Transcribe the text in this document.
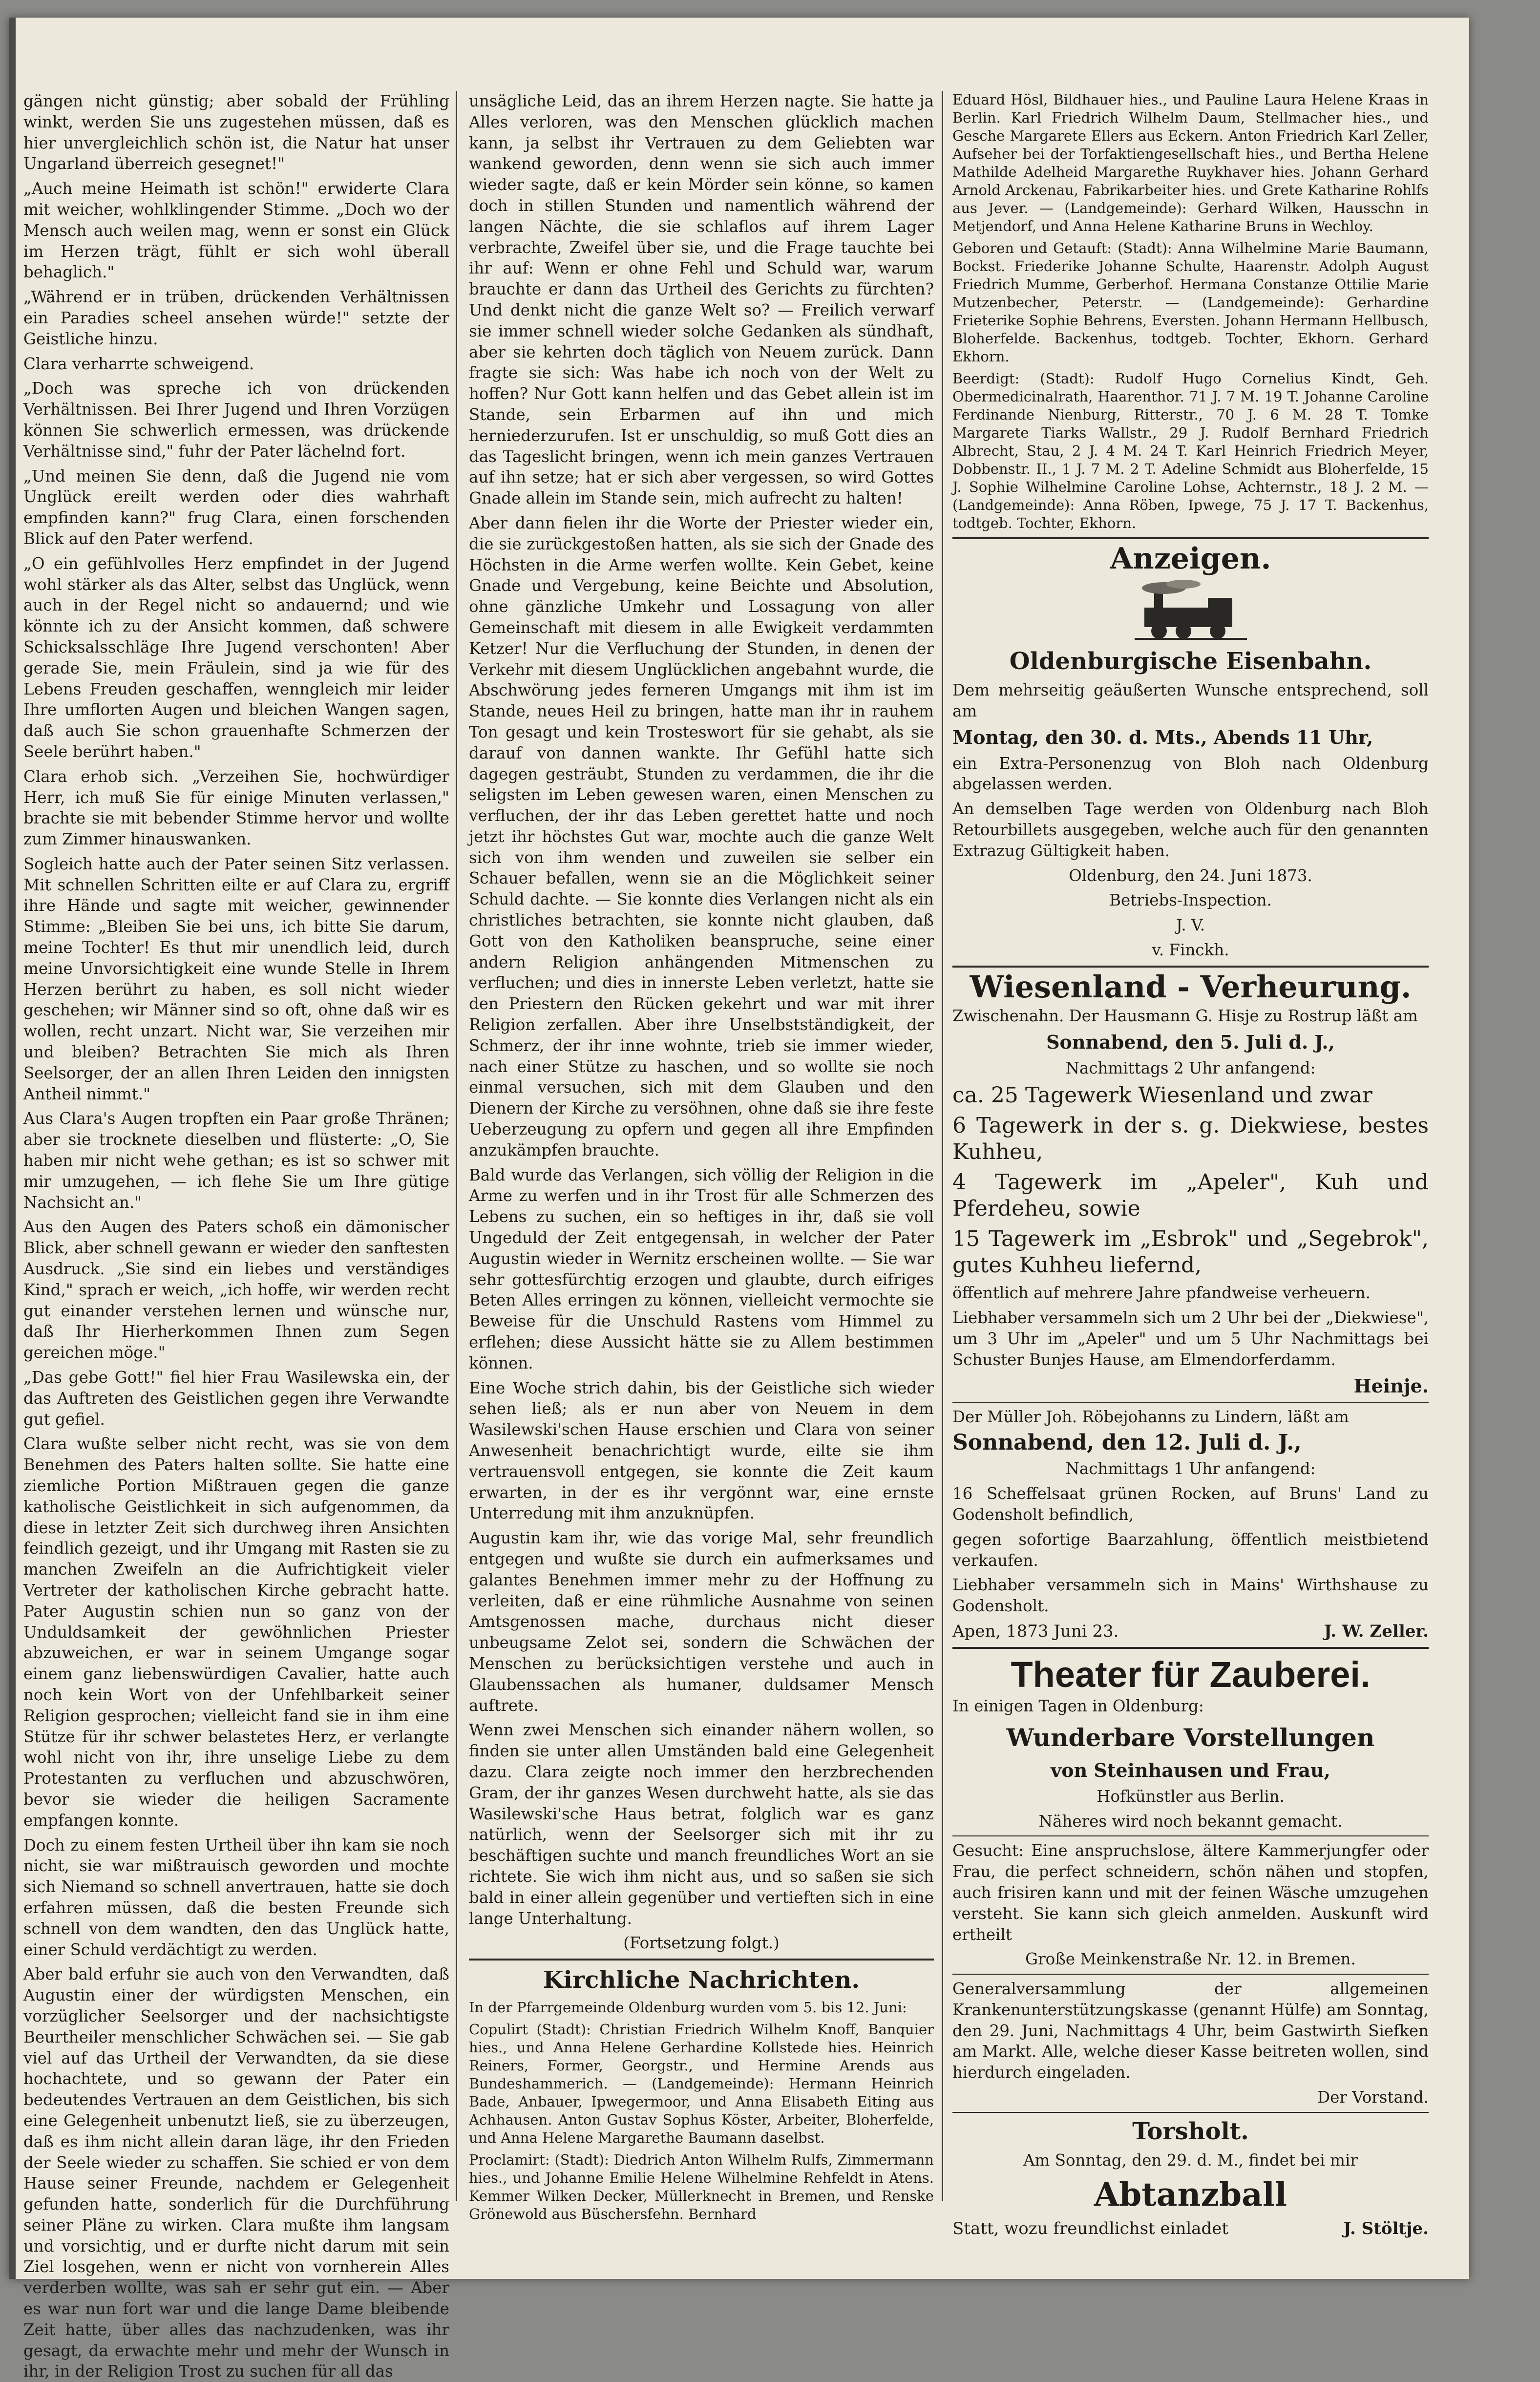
gängen nicht günstig; aber sobald der Frühling winkt, werden Sie uns zugestehen müssen, daß es hier unvergleichlich schön ist, die Natur hat unser Ungarland überreich gesegnet!"

„Auch meine Heimath ist schön!" erwiderte Clara mit weicher, wohlklingender Stimme. „Doch wo der Mensch auch weilen mag, wenn er sonst ein Glück im Herzen trägt, fühlt er sich wohl überall behaglich."

„Während er in trüben, drückenden Verhältnissen ein Paradies scheel ansehen würde!" setzte der Geistliche hinzu.

Clara verharrte schweigend.

„Doch was spreche ich von drückenden Verhältnissen. Bei Ihrer Jugend und Ihren Vorzügen können Sie schwerlich ermessen, was drückende Verhältnisse sind," fuhr der Pater lächelnd fort.

„Und meinen Sie denn, daß die Jugend nie vom Unglück ereilt werden oder dies wahrhaft empfinden kann?" frug Clara, einen forschenden Blick auf den Pater werfend.

„O ein gefühlvolles Herz empfindet in der Jugend wohl stärker als das Alter, selbst das Unglück, wenn auch in der Regel nicht so andauernd; und wie könnte ich zu der Ansicht kommen, daß schwere Schicksalsschläge Ihre Jugend verschonten! Aber gerade Sie, mein Fräulein, sind ja wie für des Lebens Freuden geschaffen, wenngleich mir leider Ihre umflorten Augen und bleichen Wangen sagen, daß auch Sie schon grauenhafte Schmerzen der Seele berührt haben."

Clara erhob sich. „Verzeihen Sie, hochwürdiger Herr, ich muß Sie für einige Minuten verlassen," brachte sie mit bebender Stimme hervor und wollte zum Zimmer hinauswanken.

Sogleich hatte auch der Pater seinen Sitz verlassen. Mit schnellen Schritten eilte er auf Clara zu, ergriff ihre Hände und sagte mit weicher, gewinnender Stimme: „Bleiben Sie bei uns, ich bitte Sie darum, meine Tochter! Es thut mir unendlich leid, durch meine Unvorsichtigkeit eine wunde Stelle in Ihrem Herzen berührt zu haben, es soll nicht wieder geschehen; wir Männer sind so oft, ohne daß wir es wollen, recht unzart. Nicht war, Sie verzeihen mir und bleiben? Betrachten Sie mich als Ihren Seelsorger, der an allen Ihren Leiden den innigsten Antheil nimmt."

Aus Clara's Augen tropften ein Paar große Thränen; aber sie trocknete dieselben und flüsterte: „O, Sie haben mir nicht wehe gethan; es ist so schwer mit mir umzugehen, — ich flehe Sie um Ihre gütige Nachsicht an."

Aus den Augen des Paters schoß ein dämonischer Blick, aber schnell gewann er wieder den sanftesten Ausdruck. „Sie sind ein liebes und verständiges Kind," sprach er weich, „ich hoffe, wir werden recht gut einander verstehen lernen und wünsche nur, daß Ihr Hierherkommen Ihnen zum Segen gereichen möge."

„Das gebe Gott!" fiel hier Frau Wasilewska ein, der das Auftreten des Geistlichen gegen ihre Verwandte gut gefiel.

Clara wußte selber nicht recht, was sie von dem Benehmen des Paters halten sollte. Sie hatte eine ziemliche Portion Mißtrauen gegen die ganze katholische Geistlichkeit in sich aufgenommen, da diese in letzter Zeit sich durchweg ihren Ansichten feindlich gezeigt, und ihr Umgang mit Rasten sie zu manchen Zweifeln an die Aufrichtigkeit vieler Vertreter der katholischen Kirche gebracht hatte. Pater Augustin schien nun so ganz von der Unduldsamkeit der gewöhnlichen Priester abzuweichen, er war in seinem Umgange sogar einem ganz liebenswürdigen Cavalier, hatte auch noch kein Wort von der Unfehlbarkeit seiner Religion gesprochen; vielleicht fand sie in ihm eine Stütze für ihr schwer belastetes Herz, er verlangte wohl nicht von ihr, ihre unselige Liebe zu dem Protestanten zu verfluchen und abzuschwören, bevor sie wieder die heiligen Sacramente empfangen konnte.

Doch zu einem festen Urtheil über ihn kam sie noch nicht, sie war mißtrauisch geworden und mochte sich Niemand so schnell anvertrauen, hatte sie doch erfahren müssen, daß die besten Freunde sich schnell von dem wandten, den das Unglück hatte, einer Schuld verdächtigt zu werden.

Aber bald erfuhr sie auch von den Verwandten, daß Augustin einer der würdigsten Menschen, ein vorzüglicher Seelsorger und der nachsichtigste Beurtheiler menschlicher Schwächen sei. — Sie gab viel auf das Urtheil der Verwandten, da sie diese hochachtete, und so gewann der Pater ein bedeutendes Vertrauen an dem Geistlichen, bis sich eine Gelegenheit unbenutzt ließ, sie zu überzeugen, daß es ihm nicht allein daran läge, ihr den Frieden der Seele wieder zu schaffen. Sie schied er von dem Hause seiner Freunde, nachdem er Gelegenheit gefunden hatte, sonderlich für die Durchführung seiner Pläne zu wirken. Clara mußte ihm langsam und vorsichtig, und er durfte nicht darum mit sein Ziel losgehen, wenn er nicht von vornherein Alles verderben wollte, was sah er sehr gut ein. — Aber es war nun fort war und die lange Dame bleibende Zeit hatte, über alles das nachzudenken, was ihr gesagt, da erwachte mehr und mehr der Wunsch in ihr, in der Religion Trost zu suchen für all das

unsägliche Leid, das an ihrem Herzen nagte. Sie hatte ja Alles verloren, was den Menschen glücklich machen kann, ja selbst ihr Vertrauen zu dem Geliebten war wankend geworden, denn wenn sie sich auch immer wieder sagte, daß er kein Mörder sein könne, so kamen doch in stillen Stunden und namentlich während der langen Nächte, die sie schlaflos auf ihrem Lager verbrachte, Zweifel über sie, und die Frage tauchte bei ihr auf: Wenn er ohne Fehl und Schuld war, warum brauchte er dann das Urtheil des Gerichts zu fürchten? Und denkt nicht die ganze Welt so? — Freilich verwarf sie immer schnell wieder solche Gedanken als sündhaft, aber sie kehrten doch täglich von Neuem zurück. Dann fragte sie sich: Was habe ich noch von der Welt zu hoffen? Nur Gott kann helfen und das Gebet allein ist im Stande, sein Erbarmen auf ihn und mich herniederzurufen. Ist er unschuldig, so muß Gott dies an das Tageslicht bringen, wenn ich mein ganzes Vertrauen auf ihn setze; hat er sich aber vergessen, so wird Gottes Gnade allein im Stande sein, mich aufrecht zu halten!

Aber dann fielen ihr die Worte der Priester wieder ein, die sie zurückgestoßen hatten, als sie sich der Gnade des Höchsten in die Arme werfen wollte. Kein Gebet, keine Gnade und Vergebung, keine Beichte und Absolution, ohne gänzliche Umkehr und Lossagung von aller Gemeinschaft mit diesem in alle Ewigkeit verdammten Ketzer! Nur die Verfluchung der Stunden, in denen der Verkehr mit diesem Unglücklichen angebahnt wurde, die Abschwörung jedes ferneren Umgangs mit ihm ist im Stande, neues Heil zu bringen, hatte man ihr in rauhem Ton gesagt und kein Trosteswort für sie gehabt, als sie darauf von dannen wankte. Ihr Gefühl hatte sich dagegen gesträubt, Stunden zu verdammen, die ihr die seligsten im Leben gewesen waren, einen Menschen zu verfluchen, der ihr das Leben gerettet hatte und noch jetzt ihr höchstes Gut war, mochte auch die ganze Welt sich von ihm wenden und zuweilen sie selber ein Schauer befallen, wenn sie an die Möglichkeit seiner Schuld dachte. — Sie konnte dies Verlangen nicht als ein christliches betrachten, sie konnte nicht glauben, daß Gott von den Katholiken beanspruche, seine einer andern Religion anhängenden Mitmenschen zu verfluchen; und dies in innerste Leben verletzt, hatte sie den Priestern den Rücken gekehrt und war mit ihrer Religion zerfallen. Aber ihre Unselbstständigkeit, der Schmerz, der ihr inne wohnte, trieb sie immer wieder, nach einer Stütze zu haschen, und so wollte sie noch einmal versuchen, sich mit dem Glauben und den Dienern der Kirche zu versöhnen, ohne daß sie ihre feste Ueberzeugung zu opfern und gegen all ihre Empfinden anzukämpfen brauchte.

Bald wurde das Verlangen, sich völlig der Religion in die Arme zu werfen und in ihr Trost für alle Schmerzen des Lebens zu suchen, ein so heftiges in ihr, daß sie voll Ungeduld der Zeit entgegensah, in welcher der Pater Augustin wieder in Wernitz erscheinen wollte. — Sie war sehr gottesfürchtig erzogen und glaubte, durch eifriges Beten Alles erringen zu können, vielleicht vermochte sie Beweise für die Unschuld Rastens vom Himmel zu erflehen; diese Aussicht hätte sie zu Allem bestimmen können.

Eine Woche strich dahin, bis der Geistliche sich wieder sehen ließ; als er nun aber von Neuem in dem Wasilewski'schen Hause erschien und Clara von seiner Anwesenheit benachrichtigt wurde, eilte sie ihm vertrauensvoll entgegen, sie konnte die Zeit kaum erwarten, in der es ihr vergönnt war, eine ernste Unterredung mit ihm anzuknüpfen.

Augustin kam ihr, wie das vorige Mal, sehr freundlich entgegen und wußte sie durch ein aufmerksames und galantes Benehmen immer mehr zu der Hoffnung zu verleiten, daß er eine rühmliche Ausnahme von seinen Amtsgenossen mache, durchaus nicht dieser unbeugsame Zelot sei, sondern die Schwächen der Menschen zu berücksichtigen verstehe und auch in Glaubenssachen als humaner, duldsamer Mensch auftrete.

Wenn zwei Menschen sich einander nähern wollen, so finden sie unter allen Umständen bald eine Gelegenheit dazu. Clara zeigte noch immer den herzbrechenden Gram, der ihr ganzes Wesen durchweht hatte, als sie das Wasilewski'sche Haus betrat, folglich war es ganz natürlich, wenn der Seelsorger sich mit ihr zu beschäftigen suchte und manch freundliches Wort an sie richtete. Sie wich ihm nicht aus, und so saßen sie sich bald in einer allein gegenüber und vertieften sich in eine lange Unterhaltung.

(Fortsetzung folgt.)

Kirchliche Nachrichten.

In der Pfarrgemeinde Oldenburg wurden vom 5. bis 12. Juni:

Copulirt (Stadt): Christian Friedrich Wilhelm Knoff, Banquier hies., und Anna Helene Gerhardine Kollstede hies. Heinrich Reiners, Former, Georgstr., und Hermine Arends aus Bundeshammerich. — (Landgemeinde): Hermann Heinrich Bade, Anbauer, Ipwegermoor, und Anna Elisabeth Eiting aus Achhausen. Anton Gustav Sophus Köster, Arbeiter, Bloherfelde, und Anna Helene Margarethe Baumann daselbst.

Proclamirt: (Stadt): Diedrich Anton Wilhelm Rulfs, Zimmermann hies., und Johanne Emilie Helene Wilhelmine Rehfeldt in Atens. Kemmer Wilken Decker, Müllerknecht in Bremen, und Renske Grönewold aus Büschersfehn. Bernhard

Eduard Hösl, Bildhauer hies., und Pauline Laura Helene Kraas in Berlin. Karl Friedrich Wilhelm Daum, Stellmacher hies., und Gesche Margarete Ellers aus Eckern. Anton Friedrich Karl Zeller, Aufseher bei der Torfaktiengesellschaft hies., und Bertha Helene Mathilde Adelheid Margarethe Ruykhaver hies. Johann Gerhard Arnold Arckenau, Fabrikarbeiter hies. und Grete Katharine Rohlfs aus Jever. — (Landgemeinde): Gerhard Wilken, Hausschn in Metjendorf, und Anna Helene Katharine Bruns in Wechloy.

Geboren und Getauft: (Stadt): Anna Wilhelmine Marie Baumann, Bockst. Friederike Johanne Schulte, Haarenstr. Adolph August Friedrich Mumme, Gerberhof. Hermana Constanze Ottilie Marie Mutzenbecher, Peterstr. — (Landgemeinde): Gerhardine Frieterike Sophie Behrens, Eversten. Johann Hermann Hellbusch, Bloherfelde. Backenhus, todtgeb. Tochter, Ekhorn. Gerhard Ekhorn.

Beerdigt: (Stadt): Rudolf Hugo Cornelius Kindt, Geh. Obermedicinalrath, Haarenthor. 71 J. 7 M. 19 T. Johanne Caroline Ferdinande Nienburg, Ritterstr., 70 J. 6 M. 28 T. Tomke Margarete Tiarks Wallstr., 29 J. Rudolf Bernhard Friedrich Albrecht, Stau, 2 J. 4 M. 24 T. Karl Heinrich Friedrich Meyer, Dobbenstr. II., 1 J. 7 M. 2 T. Adeline Schmidt aus Bloherfelde, 15 J. Sophie Wilhelmine Caroline Lohse, Achternstr., 18 J. 2 M. — (Landgemeinde): Anna Röben, Ipwege, 75 J. 17 T. Backenhus, todtgeb. Tochter, Ekhorn.

Anzeigen.
Oldenburgische Eisenbahn.

Dem mehrseitig geäußerten Wunsche entsprechend, soll am

Montag, den 30. d. Mts., Abends 11 Uhr,

ein Extra-Personenzug von Bloh nach Oldenburg abgelassen werden.

An demselben Tage werden von Oldenburg nach Bloh Retourbillets ausgegeben, welche auch für den genannten Extrazug Gültigkeit haben.

Oldenburg, den 24. Juni 1873.

Betriebs-Inspection.

J. V.

v. Finckh.

Wiesenland - Verheurung.

Zwischenahn. Der Hausmann G. Hisje zu Rostrup läßt am

Sonnabend, den 5. Juli d. J.,

Nachmittags 2 Uhr anfangend:

ca. 25 Tagewerk Wiesenland und zwar

6 Tagewerk in der s. g. Diekwiese, bestes Kuhheu,

4 Tagewerk im „Apeler", Kuh und Pferdeheu, sowie

15 Tagewerk im „Esbrok" und „Segebrok", gutes Kuhheu liefernd,

öffentlich auf mehrere Jahre pfandweise verheuern.

Liebhaber versammeln sich um 2 Uhr bei der „Diekwiese", um 3 Uhr im „Apeler" und um 5 Uhr Nachmittags bei Schuster Bunjes Hause, am Elmendorferdamm.

Heinje.

Der Müller Joh. Röbejohanns zu Lindern, läßt am

Sonnabend, den 12. Juli d. J.,

Nachmittags 1 Uhr anfangend:

16 Scheffelsaat grünen Rocken, auf Bruns' Land zu Godensholt befindlich,

gegen sofortige Baarzahlung, öffentlich meistbietend verkaufen.

Liebhaber versammeln sich in Mains' Wirthshause zu Godensholt.

Apen, 1873 Juni 23.	J. W. Zeller.
Theater für Zauberei.

In einigen Tagen in Oldenburg:

Wunderbare Vorstellungen

von Steinhausen und Frau,

Hofkünstler aus Berlin.

Näheres wird noch bekannt gemacht.

Gesucht: Eine anspruchslose, ältere Kammerjungfer oder Frau, die perfect schneidern, schön nähen und stopfen, auch frisiren kann und mit der feinen Wäsche umzugehen versteht. Sie kann sich gleich anmelden. Auskunft wird ertheilt

Große Meinkenstraße Nr. 12. in Bremen.

Generalversammlung der allgemeinen Krankenunterstützungskasse (genannt Hülfe) am Sonntag, den 29. Juni, Nachmittags 4 Uhr, beim Gastwirth Siefken am Markt. Alle, welche dieser Kasse beitreten wollen, sind hierdurch eingeladen.

Der Vorstand.

Torsholt.

Am Sonntag, den 29. d. M., findet bei mir

Abtanzball

Statt, wozu freundlichst einladet	J. Stöltje.
